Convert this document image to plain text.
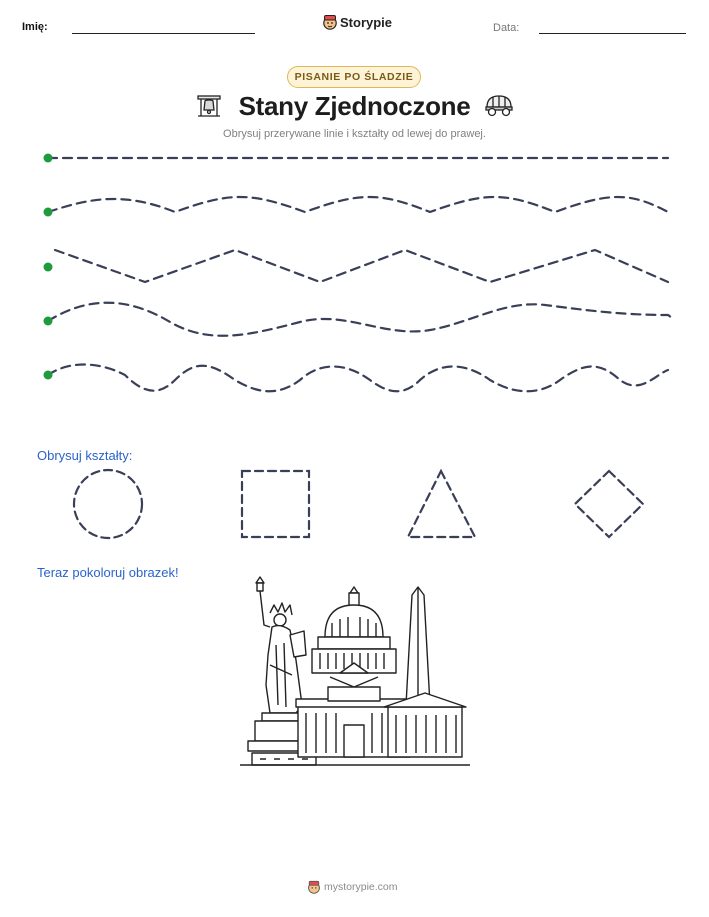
Imię:	Storypie	Data:
PISANIE PO ŚLADZIE
Stany Zjednoczone
Obrysuj przerywane linie i kształty od lewej do prawej.
Obrysuj kształty:
Teraz pokoloruj obrazek!
mystorypie.com
